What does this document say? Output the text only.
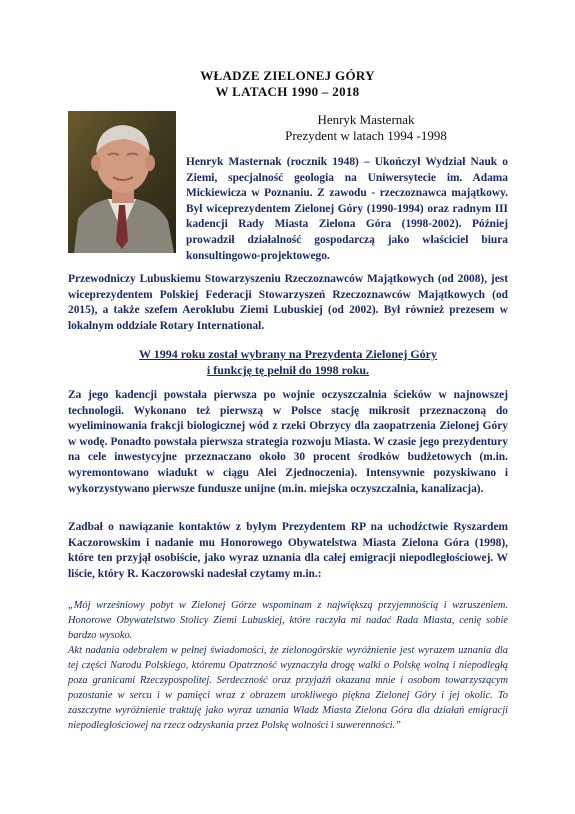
WŁADZE ZIELONEJ GÓRY
W LATACH 1990 – 2018
Henryk Masternak
Prezydent w latach 1994 -1998

Henryk Masternak (rocznik 1948) – Ukończył Wydział Nauk o Ziemi, specjalność geologia na Uniwersytecie im. Adama Mickiewicza w Poznaniu. Z zawodu - rzeczoznawca majątkowy. Był wiceprezydentem Zielonej Góry (1990-1994) oraz radnym III kadencji Rady Miasta Zielona Góra (1998-2002). Później prowadził działalność gospodarczą jako właściciel biura konsultingowo-projektowego.

Przewodniczy Lubuskiemu Stowarzyszeniu Rzeczoznawców Majątkowych (od 2008), jest wiceprezydentem Polskiej Federacji Stowarzyszeń Rzeczoznawców Majątkowych (od 2015), a także szefem Aeroklubu Ziemi Lubuskiej (od 2002). Był również prezesem w lokalnym oddziale Rotary International.

W 1994 roku został wybrany na Prezydenta Zielonej Góry
i funkcję tę pełnił do 1998 roku.

Za jego kadencji powstała pierwsza po wojnie oczyszczalnia ścieków w najnowszej technologii. Wykonano też pierwszą w Polsce stację mikrosit przeznaczoną do wyeliminowania frakcji biologicznej wód z rzeki Obrzycy dla zaopatrzenia Zielonej Góry w wodę. Ponadto powstała pierwsza strategia rozwoju Miasta. W czasie jego prezydentury na cele inwestycyjne przeznaczano około 30 procent środków budżetowych (m.in. wyremontowano wiadukt w ciągu Alei Zjednoczenia). Intensywnie pozyskiwano i wykorzystywano pierwsze fundusze unijne (m.in. miejska oczyszczalnia, kanalizacja).

Zadbał o nawiązanie kontaktów z byłym Prezydentem RP na uchodźctwie Ryszardem Kaczorowskim i nadanie mu Honorowego Obywatelstwa Miasta Zielona Góra (1998), które ten przyjął osobiście, jako wyraz uznania dla całej emigracji niepodległościowej. W liście, który R. Kaczorowski nadesłał czytamy m.in.:

„Mój wrześniowy pobyt w Zielonej Górze wspominam z największą przyjemnością i wzruszeniem. Honorowe Obywatelstwo Stolicy Ziemi Lubuskiej, które raczyła mi nadać Rada Miasta, cenię sobie bardzo wysoko.

Akt nadania odebrałem w pełnej świadomości, że zielonogórskie wyróżnienie jest wyrazem uznania dla tej części Narodu Polskiego, któremu Opatrzność wyznaczyła drogę walki o Polskę wolną i niepodległą poza granicami Rzeczypospolitej. Serdeczność oraz przyjaźń okazana mnie i osobom towarzyszącym pozostanie w sercu i w pamięci wraz z obrazem urokliwego piękna Zielonej Góry i jej okolic. To zaszczytne wyróżnienie traktuję jako wyraz uznania Władz Miasta Zielona Góra dla działań emigracji niepodległościowej na rzecz odzyskania przez Polskę wolności i suwerenności.”
